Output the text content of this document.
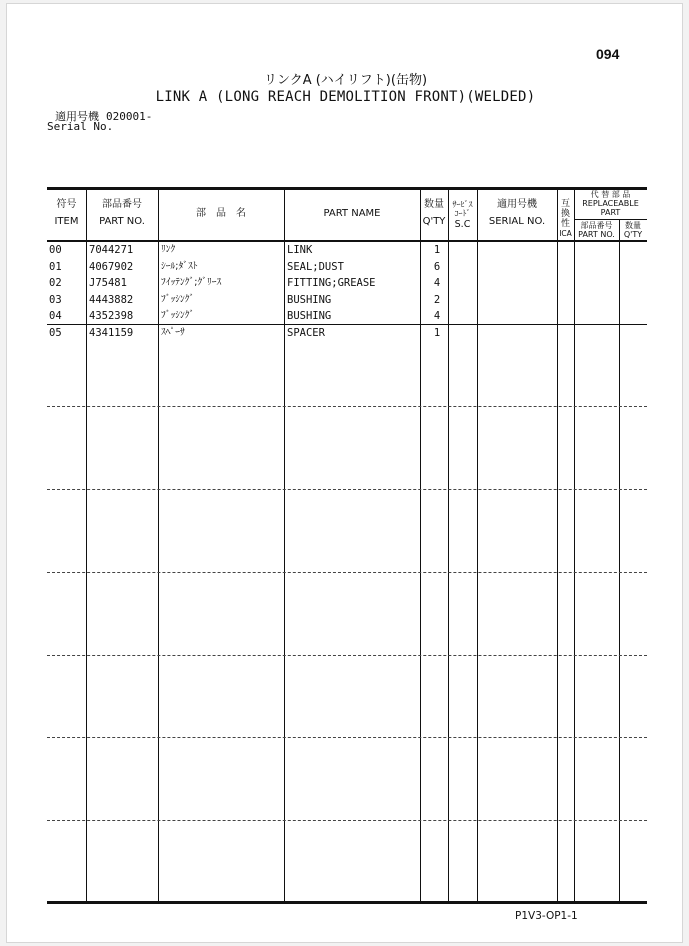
094
リンクA (ハイリフト)(缶物)
LINK A (LONG REACH DEMOLITION FRONT)(WELDED)
適用号機 020001-
Serial No.
符号
ITEM
部品番号
PART NO.
部　品　名	PART NAME
数量
Q'TY
ｻｰﾋﾞｽ
ｺｰﾄﾞ
S.C
適用号機
SERIAL NO.
互
換
性
ICA
代 替 部 品
REPLACEABLE
PART
部品番号
PART NO.
数量
Q'TY
00	7044271	ﾘﾝｸ	LINK	1
01	4067902	ｼｰﾙ;ﾀﾞｽﾄ	SEAL;DUST	6
02	J75481	ﾌｲｯﾃﾝｸﾞ;ｸﾞﾘｰｽ	FITTING;GREASE	4
03	4443882	ﾌﾞｯｼﾝｸﾞ	BUSHING	2
04	4352398	ﾌﾞｯｼﾝｸﾞ	BUSHING	4
05	4341159	ｽﾍﾟｰｻ	SPACER	1
P1V3-OP1-1
